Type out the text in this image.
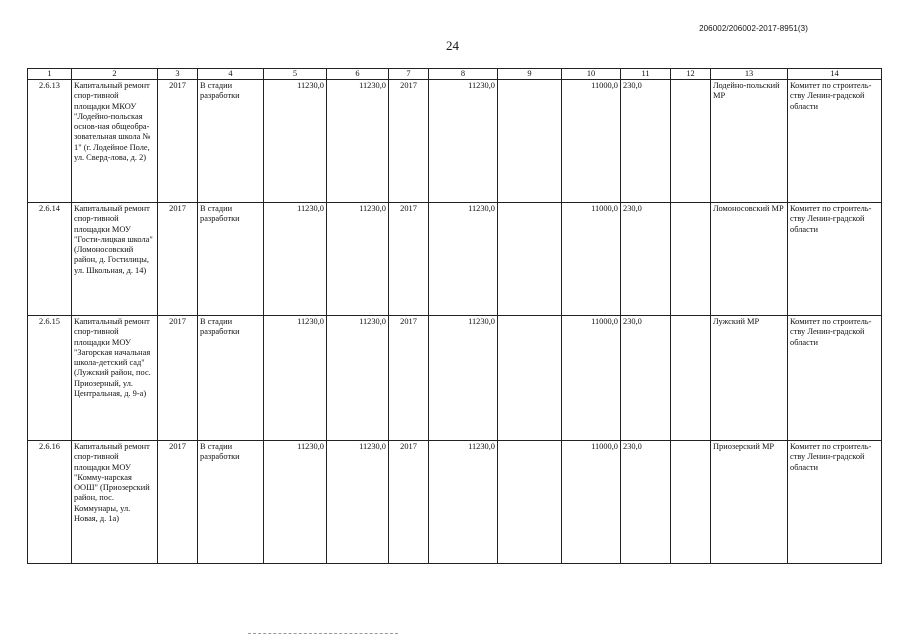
206002/206002-2017-8951(3)
24
1	2	3	4	5	6	7	8	9	10	11	12	13	14
2.6.13	Капитальный ремонт спор-тивной площадки МКОУ "Лодейно-польская основ-ная общеобра-зовательная школа № 1" (г. Лодейное Поле, ул. Сверд-лова, д. 2)	2017	В стадии разработки	11230,0	11230,0	2017	11230,0		11000,0	230,0		Лодейно-польский МР	Комитет по строитель-ству Ленин-градской области
2.6.14	Капитальный ремонт спор-тивной площадки МОУ "Гости-лицкая школа" (Ломоносовский район, д. Гостилицы, ул. Школьная, д. 14)	2017	В стадии разработки	11230,0	11230,0	2017	11230,0		11000,0	230,0		Ломоносовский МР	Комитет по строитель-ству Ленин-градской области
2.6.15	Капитальный ремонт спор-тивной площадки МОУ "Загорская начальная школа-детский сад" (Лужский район, пос. Приозерный, ул. Центральная, д. 9-а)	2017	В стадии разработки	11230,0	11230,0	2017	11230,0		11000,0	230,0		Лужский МР	Комитет по строитель-ству Ленин-градской области
2.6.16	Капитальный ремонт спор-тивной площадки МОУ "Комму-нарская ООШ" (Приозерский район, пос. Коммунары, ул. Новая, д. 1а)	2017	В стадии разработки	11230,0	11230,0	2017	11230,0		11000,0	230,0		Приозерский МР	Комитет по строитель-ству Ленин-градской области
